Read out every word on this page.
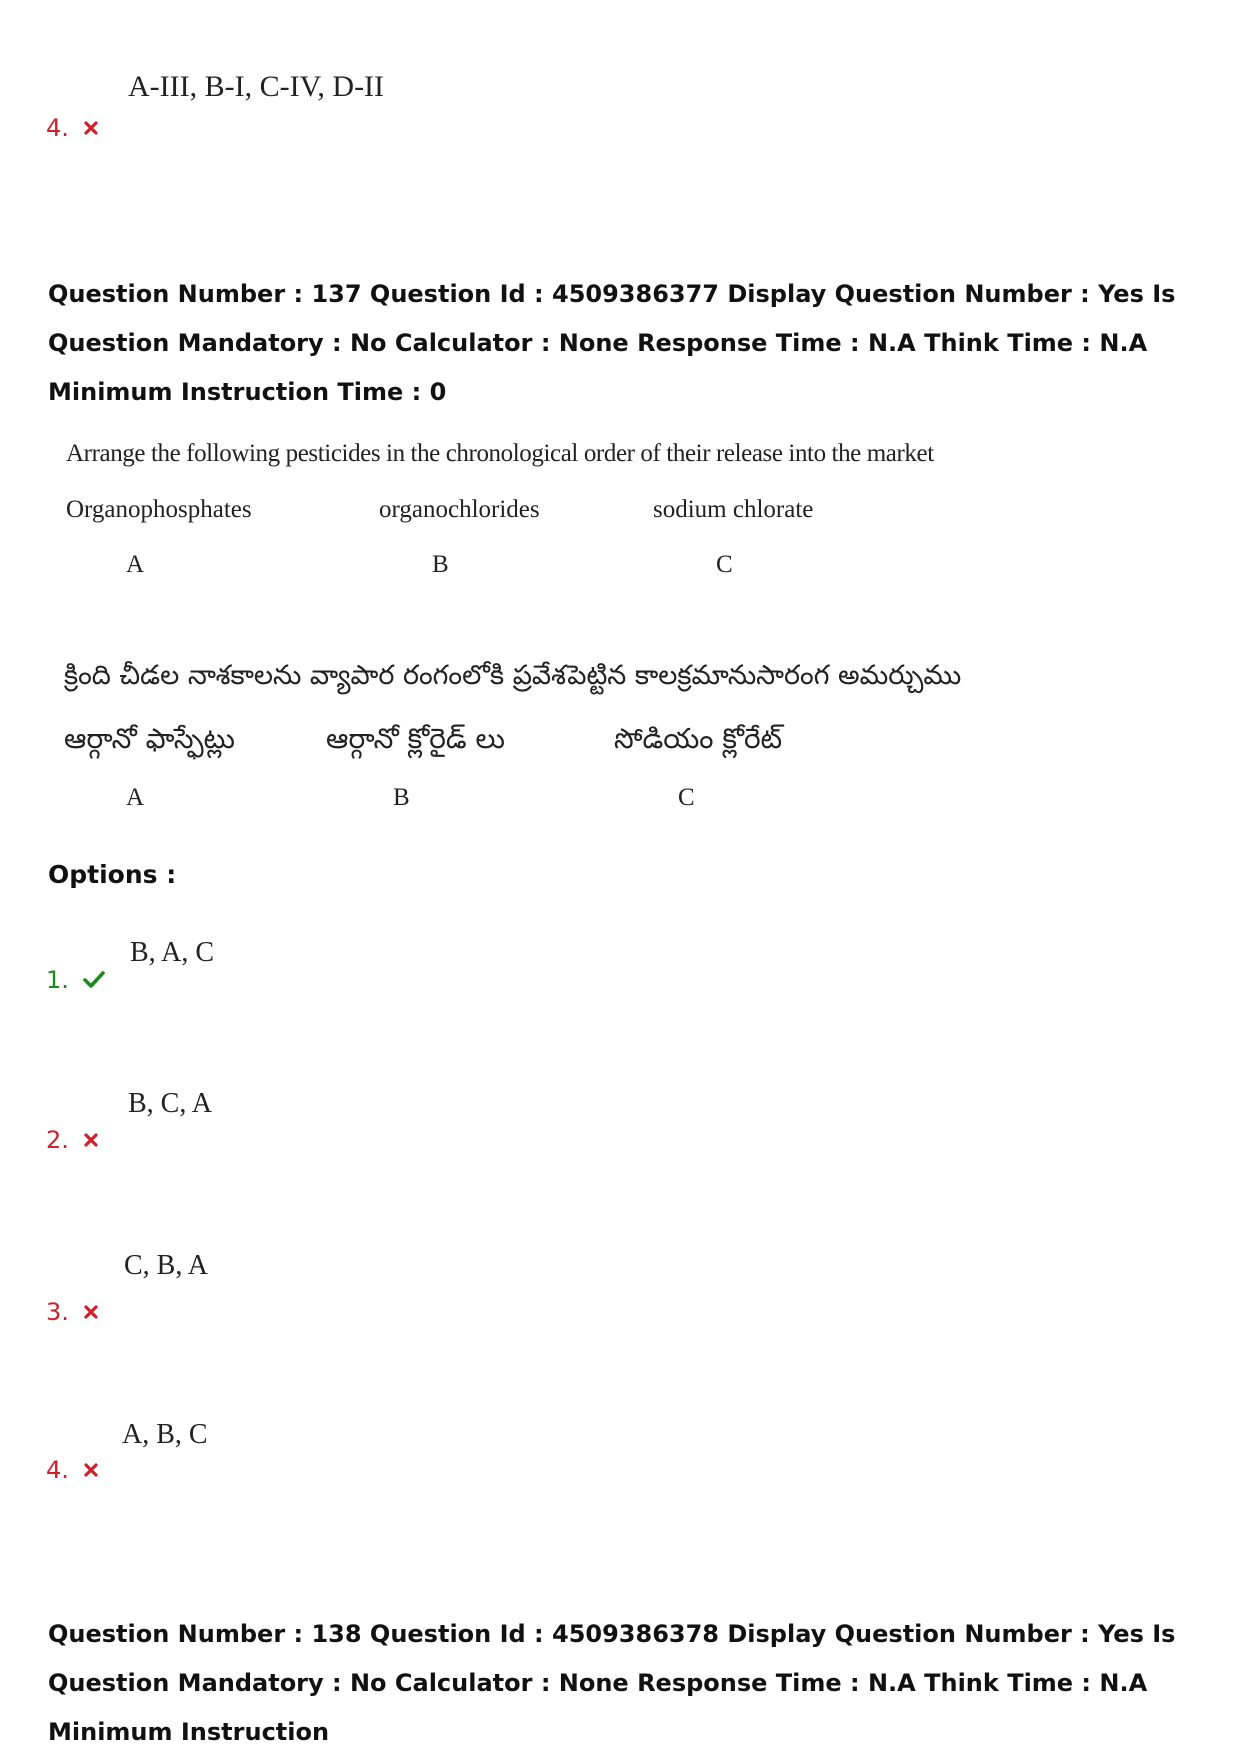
A-III, B-I, C-IV, D-II
4.
Question Number : 137 Question Id : 4509386377 Display Question Number : Yes Is Question Mandatory : No Calculator : None Response Time : N.A Think Time : N.A Minimum Instruction Time : 0
Arrange the following pesticides in the chronological order of their release into the market
Organophosphates	organochlorides	sodium chlorate
A	B	C
క్రింది చీడల నాశకాలను వ్యాపార రంగంలోకి ప్రవేశపెట్టిన కాలక్రమానుసారంగ అమర్చుము
ఆర్గానో ఫాస్ఫేట్లు	ఆర్గానో క్లోరైడ్ లు	సోడియం క్లోరేట్
A	B	C
Options :
B, A, C
1.
B, C, A
2.
C, B, A
3.
A, B, C
4.
Question Number : 138 Question Id : 4509386378 Display Question Number : Yes Is Question Mandatory : No Calculator : None Response Time : N.A Think Time : N.A Minimum Instruction
